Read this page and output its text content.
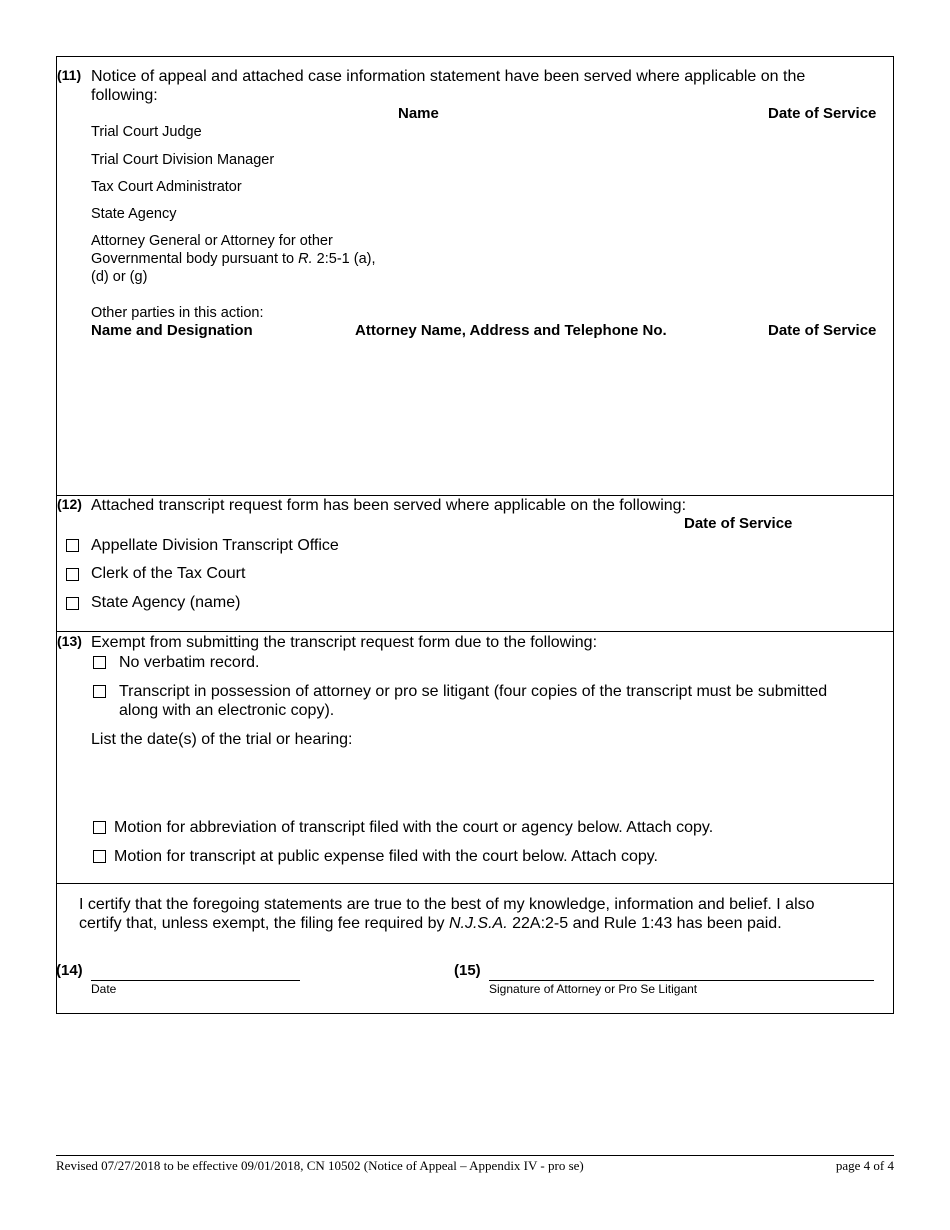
(11) Notice of appeal and attached case information statement have been served where applicable on the
following:
Name	Date of Service
Trial Court Judge
Trial Court Division Manager
Tax Court Administrator
State Agency
Attorney General or Attorney for other
Governmental body pursuant to R. 2:5-1 (a),
(d) or (g)
Other parties in this action:
Name and Designation	Attorney Name, Address and Telephone No.	Date of Service
(12) Attached transcript request form has been served where applicable on the following:
Date of Service
Appellate Division Transcript Office
Clerk of the Tax Court
State Agency (name)
(13) Exempt from submitting the transcript request form due to the following:
No verbatim record.
Transcript in possession of attorney or pro se litigant (four copies of the transcript must be submitted
along with an electronic copy).
List the date(s) of the trial or hearing:
Motion for abbreviation of transcript filed with the court or agency below. Attach copy.
Motion for transcript at public expense filed with the court below. Attach copy.
I certify that the foregoing statements are true to the best of my knowledge, information and belief. I also
certify that, unless exempt, the filing fee required by N.J.S.A. 22A:2-5 and Rule 1:43 has been paid.
(14)
Date
(15)
Signature of Attorney or Pro Se Litigant
Revised 07/27/2018 to be effective 09/01/2018, CN 10502 (Notice of Appeal – Appendix IV - pro se)	page 4 of 4
